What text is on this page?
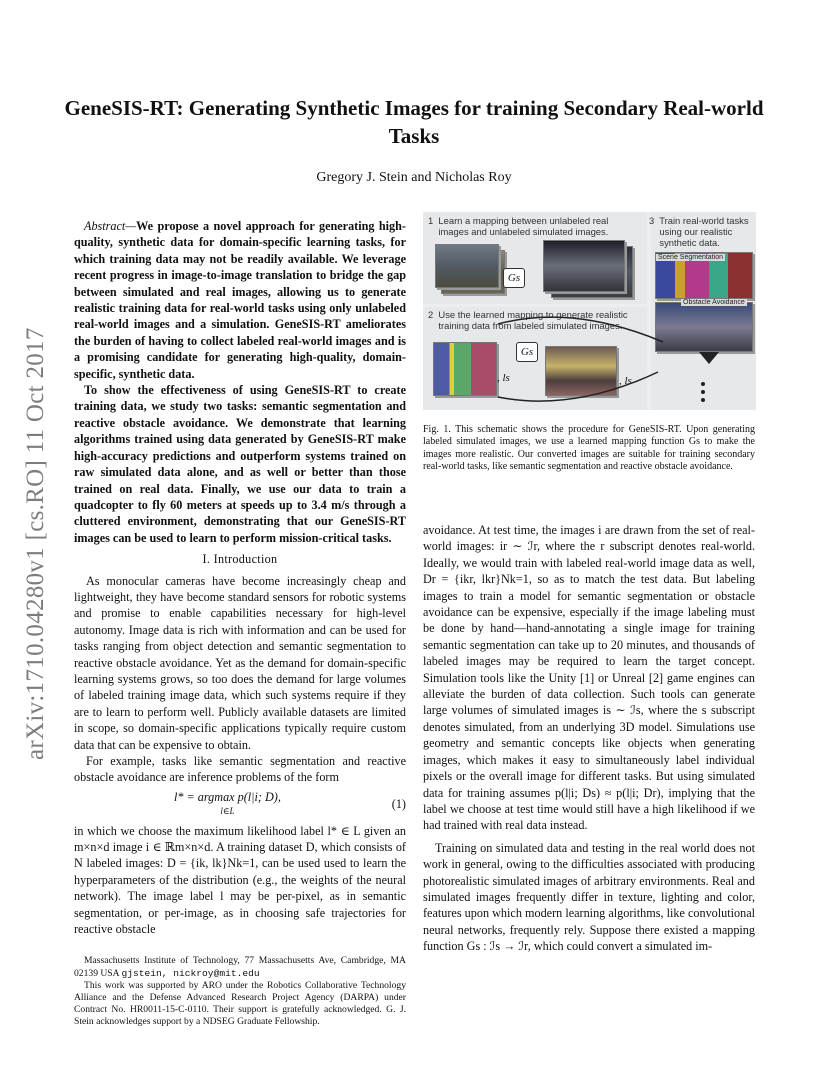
GeneSIS-RT: Generating Synthetic Images for training Secondary Real-world Tasks
Gregory J. Stein and Nicholas Roy
arXiv:1710.04280v1 [cs.RO] 11 Oct 2017

Abstract—We propose a novel approach for generating high-quality, synthetic data for domain-specific learning tasks, for which training data may not be readily available. We leverage recent progress in image-to-image translation to bridge the gap between simulated and real images, allowing us to generate realistic training data for real-world tasks using only unlabeled real-world images and a simulation. GeneSIS-RT ameliorates the burden of having to collect labeled real-world images and is a promising candidate for generating high-quality, domain-specific, synthetic data.

To show the effectiveness of using GeneSIS-RT to create training data, we study two tasks: semantic segmentation and reactive obstacle avoidance. We demonstrate that learning algorithms trained using data generated by GeneSIS-RT make high-accuracy predictions and outperform systems trained on raw simulated data alone, and as well or better than those trained on real data. Finally, we use our data to train a quadcopter to fly 60 meters at speeds up to 3.4 m/s through a cluttered environment, demonstrating that our GeneSIS-RT images can be used to learn to perform mission-critical tasks.

I. Introduction

As monocular cameras have become increasingly cheap and lightweight, they have become standard sensors for robotic systems and promise to enable capabilities necessary for high-level autonomy. Image data is rich with information and can be used for tasks ranging from object detection and semantic segmentation to reactive obstacle avoidance. Yet as the demand for domain-specific learning systems grows, so too does the demand for large volumes of labeled training image data, which such systems require if they are to learn to perform well. Publicly available datasets are limited in scope, so domain-specific applications typically require custom data that can be expensive to obtain.

For example, tasks like semantic segmentation and reactive obstacle avoidance are inference problems of the form

l* = argmax p(l|i; D),
l∈L
(1)

in which we choose the maximum likelihood label l* ∈ L given an m×n×d image i ∈ ℝm×n×d. A training dataset D, which consists of N labeled images: D = {ik, lk}Nk=1, can be used used to learn the hyperparameters of the distribution (e.g., the weights of the neural network). The image label l may be per-pixel, as in semantic segmentation, or per-image, as in choosing safe trajectories for reactive obstacle

Massachusetts Institute of Technology, 77 Massachusetts Ave, Cambridge, MA 02139 USA gjstein, nickroy@mit.edu

This work was supported by ARO under the Robotics Collaborative Technology Alliance and the Defense Advanced Research Project Agency (DARPA) under Contract No. HR0011-15-C-0110. Their support is gratefully acknowledged. G. J. Stein acknowledges support by a NDSEG Graduate Fellowship.

1  Learn a mapping between unlabeled real
images and unlabeled simulated images.
2  Use the learned mapping to generate realistic
training data from labeled simulated images.
3  Train real-world tasks
using our realistic
synthetic data.
Gs
, ls
Gs
, ls
Scene Segmentation
Obstacle Avoidance
Fig. 1. This schematic shows the procedure for GeneSIS-RT. Upon generating labeled simulated images, we use a learned mapping function Gs to make the images more realistic. Our converted images are suitable for training secondary real-world tasks, like semantic segmentation and reactive obstacle avoidance.

avoidance. At test time, the images i are drawn from the set of real-world images: ir ∼ ℐr, where the r subscript denotes real-world. Ideally, we would train with labeled real-world image data as well, Dr = {ikr, lkr}Nk=1, so as to match the test data. But labeling images to train a model for semantic segmentation or obstacle avoidance can be expensive, especially if the image labeling must be done by hand—hand-annotating a single image for training semantic segmentation can take up to 20 minutes, and thousands of labeled images may be required to learn the target concept. Simulation tools like the Unity [1] or Unreal [2] game engines can alleviate the burden of data collection. Such tools can generate large volumes of simulated images is ∼ ℐs, where the s subscript denotes simulated, from an underlying 3D model. Simulations use geometry and semantic concepts like objects when generating images, which makes it easy to simultaneously label individual pixels or the overall image for different tasks. But using simulated data for training assumes p(l|i; Ds) ≈ p(l|i; Dr), implying that the label we choose at test time would still have a high likelihood if we had trained with real data instead.

Training on simulated data and testing in the real world does not work in general, owing to the difficulties associated with producing photorealistic simulated images of arbitrary environments. Real and simulated images frequently differ in texture, lighting and color, features upon which modern learning algorithms, like convolutional neural networks, frequently rely. Suppose there existed a mapping function Gs : ℐs → ℐr, which could convert a simulated im-
